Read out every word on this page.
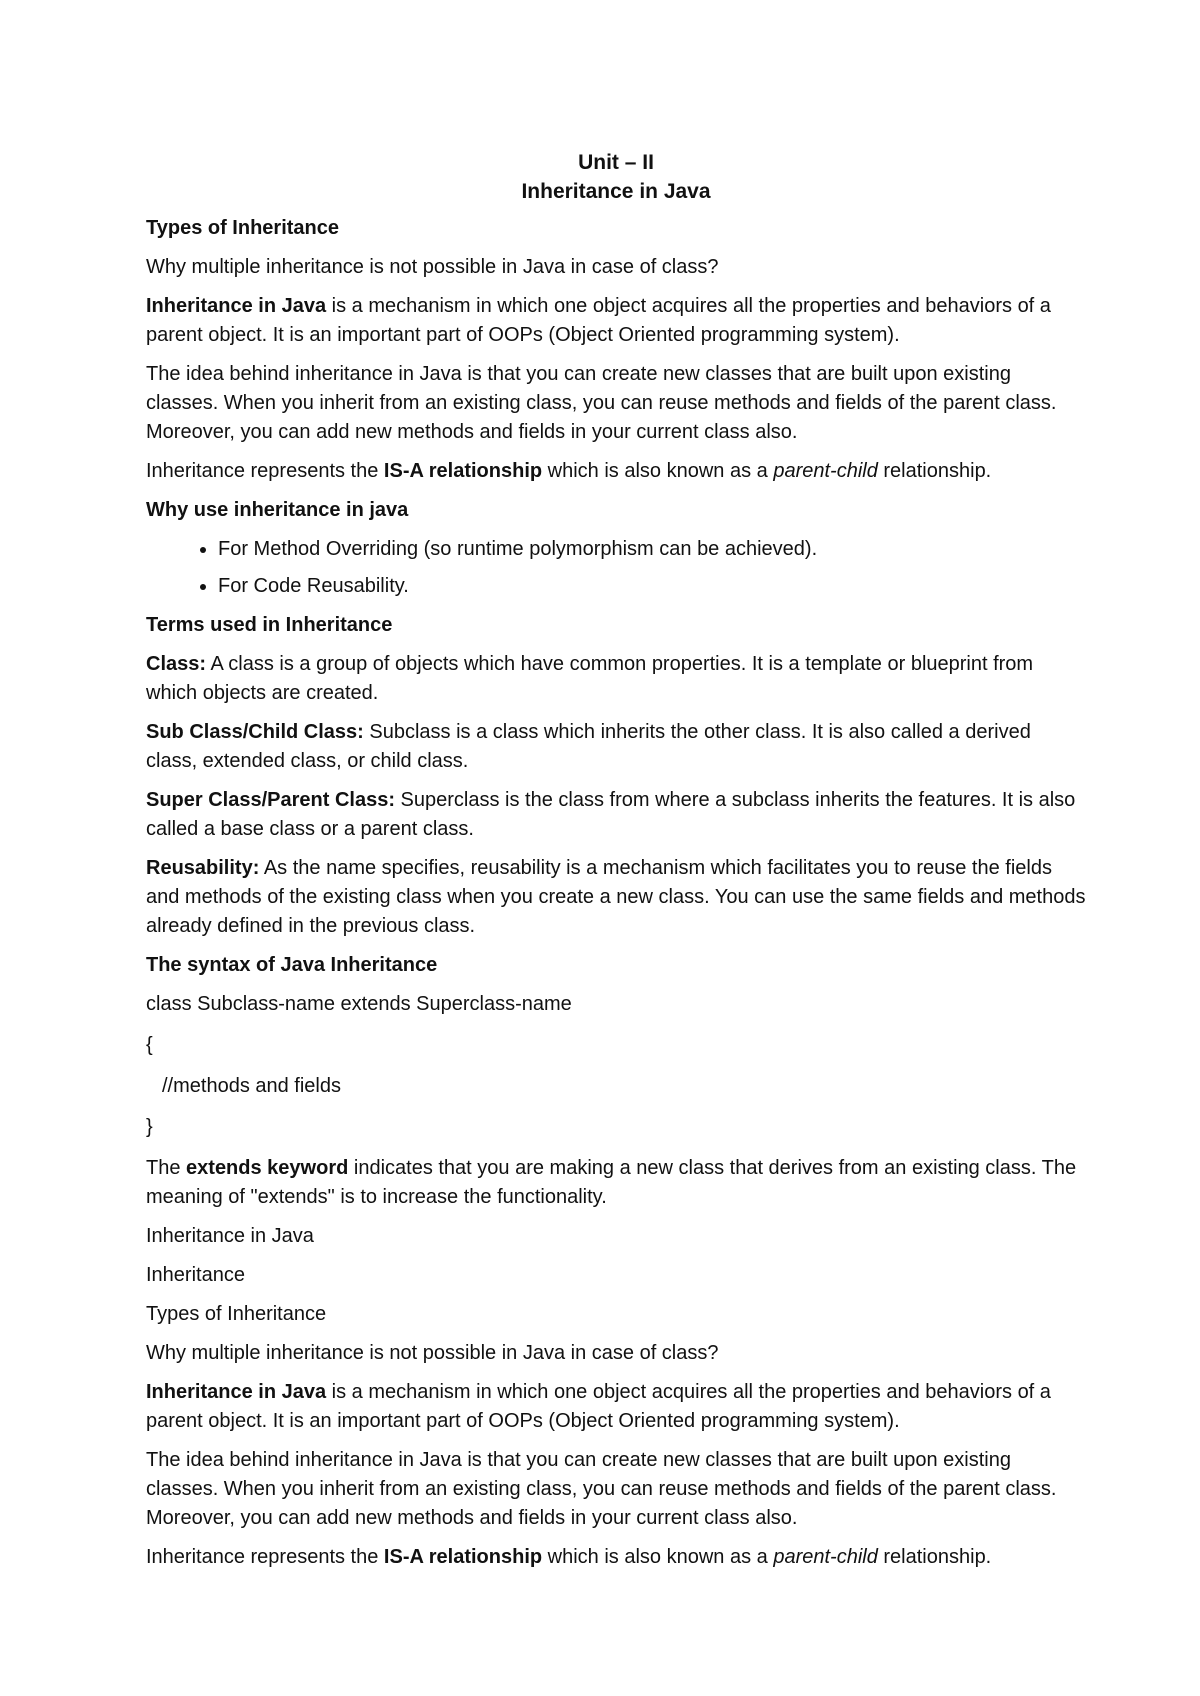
Unit – II

Inheritance in Java

Types of Inheritance

Why multiple inheritance is not possible in Java in case of class?

Inheritance in Java is a mechanism in which one object acquires all the properties and behaviors of a parent object. It is an important part of OOPs (Object Oriented programming system).

The idea behind inheritance in Java is that you can create new classes that are built upon existing classes. When you inherit from an existing class, you can reuse methods and fields of the parent class. Moreover, you can add new methods and fields in your current class also.

Inheritance represents the IS-A relationship which is also known as a parent-child relationship.

Why use inheritance in java
• For Method Overriding (so runtime polymorphism can be achieved).
• For Code Reusability.
Terms used in Inheritance

Class: A class is a group of objects which have common properties. It is a template or blueprint from which objects are created.

Sub Class/Child Class: Subclass is a class which inherits the other class. It is also called a derived class, extended class, or child class.

Super Class/Parent Class: Superclass is the class from where a subclass inherits the features. It is also called a base class or a parent class.

Reusability: As the name specifies, reusability is a mechanism which facilitates you to reuse the fields and methods of the existing class when you create a new class. You can use the same fields and methods already defined in the previous class.

The syntax of Java Inheritance

class Subclass-name extends Superclass-name

{

//methods and fields

}

The extends keyword indicates that you are making a new class that derives from an existing class. The meaning of "extends" is to increase the functionality.

Inheritance in Java

Inheritance

Types of Inheritance

Why multiple inheritance is not possible in Java in case of class?

Inheritance in Java is a mechanism in which one object acquires all the properties and behaviors of a parent object. It is an important part of OOPs (Object Oriented programming system).

The idea behind inheritance in Java is that you can create new classes that are built upon existing classes. When you inherit from an existing class, you can reuse methods and fields of the parent class. Moreover, you can add new methods and fields in your current class also.

Inheritance represents the IS-A relationship which is also known as a parent-child relationship.
